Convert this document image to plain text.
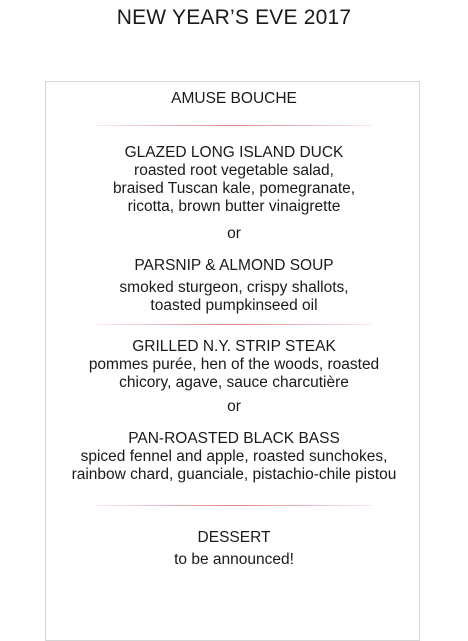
NEW YEAR’S EVE 2017
AMUSE BOUCHE
GLAZED LONG ISLAND DUCK
roasted root vegetable salad,
braised Tuscan kale, pomegranate,
ricotta, brown butter vinaigrette
or
PARSNIP & ALMOND SOUP
smoked sturgeon, crispy shallots,
toasted pumpkinseed oil
GRILLED N.Y. STRIP STEAK
pommes purée, hen of the woods, roasted
chicory, agave, sauce charcutière
or
PAN-ROASTED BLACK BASS
spiced fennel and apple, roasted sunchokes,
rainbow chard, guanciale, pistachio-chile pistou
DESSERT
to be announced!
